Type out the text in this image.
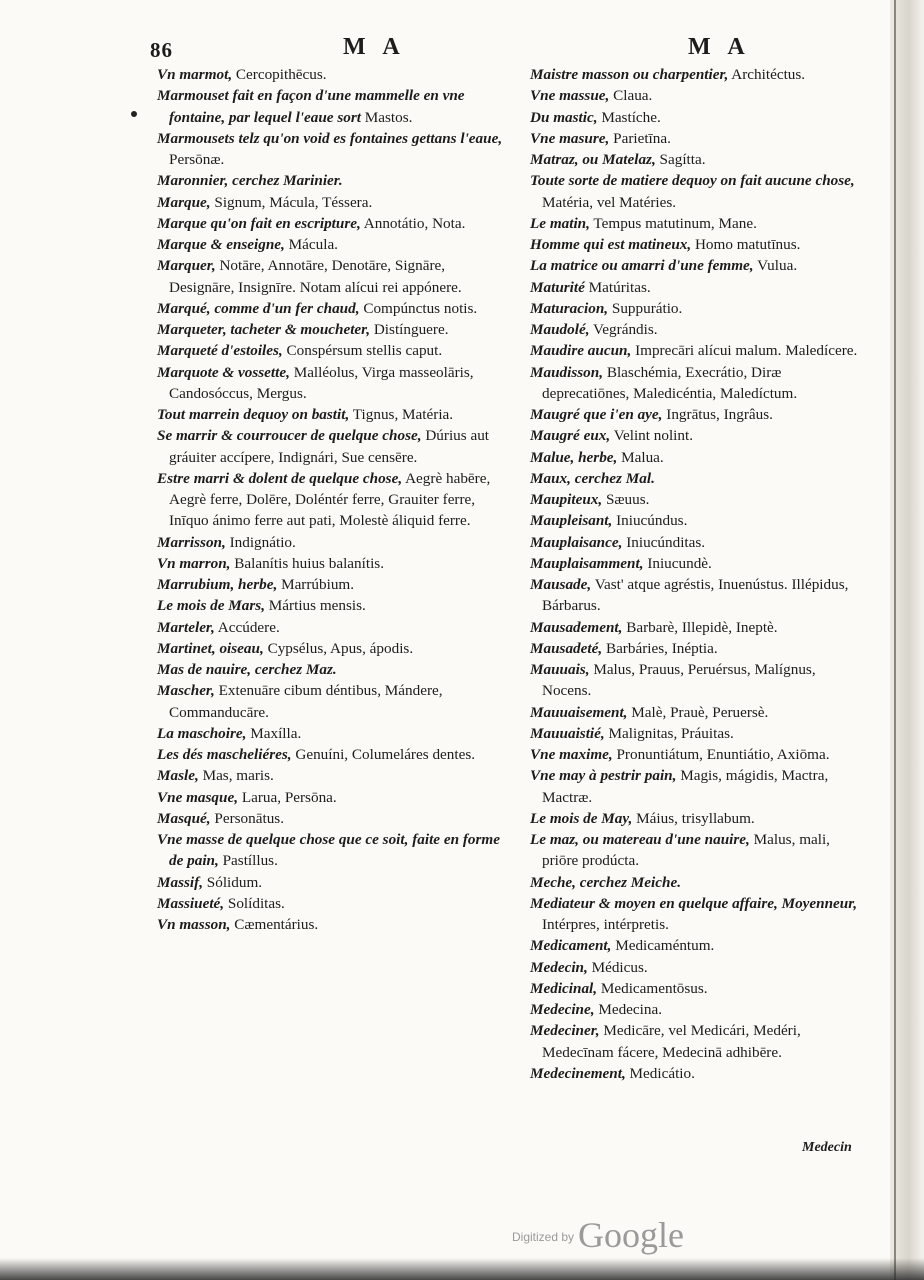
86	M A	M A

Vn marmot, Cercopithēcus.

Marmouset fait en façon d'une mammelle en vne fontaine, par lequel l'eaue sort Mastos.

Marmousets telz qu'on void es fontaines gettans l'eaue, Persōnæ.

Maronnier, cerchez Marinier.

Marque, Signum, Mácula, Téssera.

Marque qu'on fait en escripture, Annotátio, Nota.

Marque & enseigne, Mácula.

Marquer, Notāre, Annotāre, Denotāre, Signāre, Designāre, Insignīre. Notam alícui rei appónere.

Marqué, comme d'un fer chaud, Compúnctus notis.

Marqueter, tacheter & moucheter, Distínguere.

Marqueté d'estoiles, Conspérsum stellis caput.

Marquote & vossette, Malléolus, Virga masseolāris, Candosóccus, Mergus.

Tout marrein dequoy on bastit, Tignus, Matéria.

Se marrir & courroucer de quelque chose, Dúrius aut gráuiter accípere, Indignári, Sue censēre.

Estre marri & dolent de quelque chose, Aegrè habēre, Aegrè ferre, Dolēre, Doléntér ferre, Grauiter ferre, Inīquo ánimo ferre aut pati, Molestè áliquid ferre.

Marrisson, Indignátio.

Vn marron, Balanítis huius balanítis.

Marrubium, herbe, Marrúbium.

Le mois de Mars, Mártius mensis.

Marteler, Accúdere.

Martinet, oiseau, Cypsélus, Apus, ápodis.

Mas de nauire, cerchez Maz.

Mascher, Extenuāre cibum déntibus, Mándere, Commanducāre.

La maschoire, Maxílla.

Les dés mascheliéres, Genuíni, Columeláres dentes.

Masle, Mas, maris.

Vne masque, Larua, Persōna.

Masqué, Personātus.

Vne masse de quelque chose que ce soit, faite en forme de pain, Pastíllus.

Massif, Sólidum.

Massiueté, Solíditas.

Vn masson, Cæmentárius.

Maistre masson ou charpentier, Architéctus.

Vne massue, Claua.

Du mastic, Mastíche.

Vne masure, Parietīna.

Matraz, ou Matelaz, Sagítta.

Toute sorte de matiere dequoy on fait aucune chose, Matéria, vel Matéries.

Le matin, Tempus matutinum, Mane.

Homme qui est matineux, Homo matutīnus.

La matrice ou amarri d'une femme, Vulua.

Maturité Matúritas.

Maturacion, Suppurátio.

Maudolé, Vegrándis.

Maudire aucun, Imprecāri alícui malum. Maledícere.

Maudisson, Blaschémia, Execrátio, Diræ deprecatiōnes, Maledicéntia, Maledíctum.

Maugré que i'en aye, Ingrātus, Ingrâus.

Maugré eux, Velint nolint.

Malue, herbe, Malua.

Maux, cerchez Mal.

Maupiteux, Sæuus.

Maupleisant, Iniucúndus.

Mauplaisance, Iniucúnditas.

Mauplaisamment, Iniucundè.

Mausade, Vast' atque agréstis, Inuenústus. Illépidus, Bárbarus.

Mausadement, Barbarè, Illepidè, Ineptè.

Mausadeté, Barbáries, Inéptia.

Mauuais, Malus, Prauus, Peruérsus, Malígnus, Nocens.

Mauuaisement, Malè, Prauè, Peruersè.

Mauuaistié, Malignitas, Práuitas.

Vne maxime, Pronuntiátum, Enuntiátio, Axiōma.

Vne may à pestrir pain, Magis, mágidis, Mactra, Mactræ.

Le mois de May, Máius, trisyllabum.

Le maz, ou matereau d'une nauire, Malus, mali, priōre prodúcta.

Meche, cerchez Meiche.

Mediateur & moyen en quelque affaire, Moyenneur, Intérpres, intérpretis.

Medicament, Medicaméntum.

Medecin, Médicus.

Medicinal, Medicamentōsus.

Medecine, Medecina.

Medeciner, Medicāre, vel Medicári, Medéri, Medecīnam fácere, Medecinā adhibēre.

Medecinement, Medicátio.

Medecin
$^{Digitized by}$ Google
